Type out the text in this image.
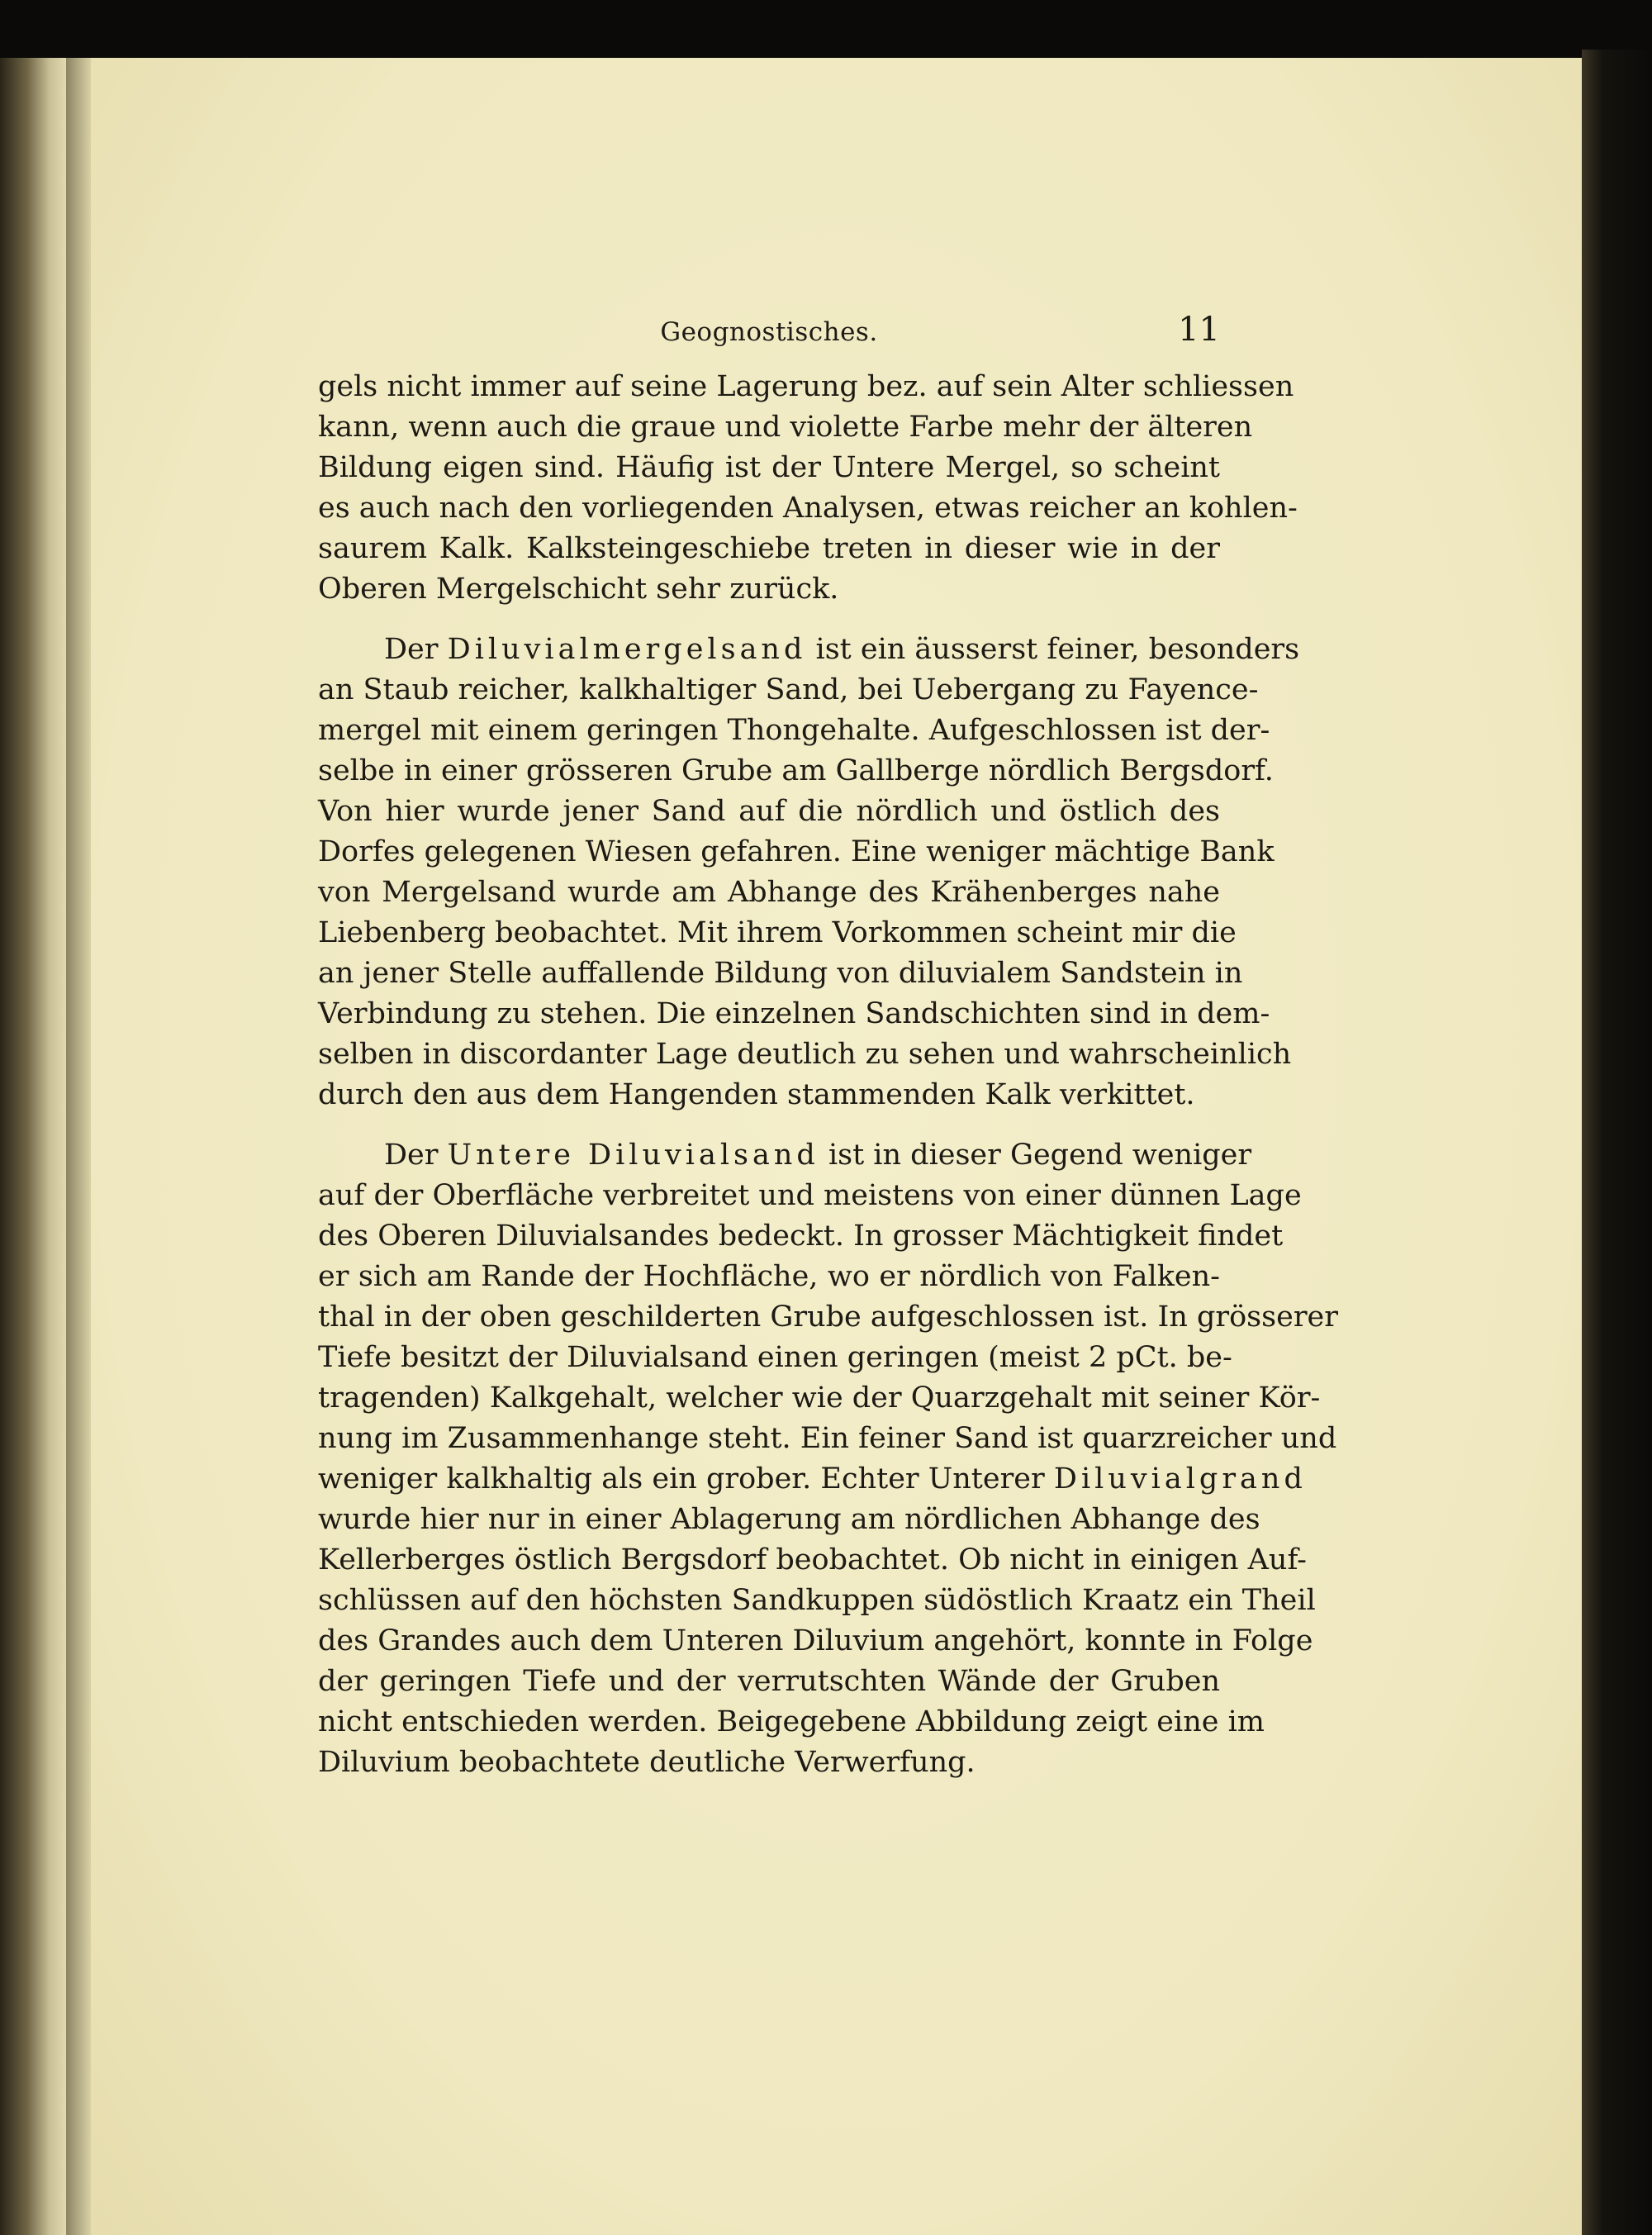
Geognostisches.	11

gels nicht immer auf seine Lagerung bez. auf sein Alter schliessen
kann, wenn auch die graue und violette Farbe mehr der älteren
Bildung eigen sind. Häufig ist der Untere Mergel, so scheint
es auch nach den vorliegenden Analysen, etwas reicher an kohlen-
saurem Kalk. Kalksteingeschiebe treten in dieser wie in der
Oberen Mergelschicht sehr zurück.

Der Diluvialmergelsand ist ein äusserst feiner, besonders
an Staub reicher, kalkhaltiger Sand, bei Uebergang zu Fayence-
mergel mit einem geringen Thongehalte. Aufgeschlossen ist der-
selbe in einer grösseren Grube am Gallberge nördlich Bergsdorf.
Von hier wurde jener Sand auf die nördlich und östlich des
Dorfes gelegenen Wiesen gefahren. Eine weniger mächtige Bank
von Mergelsand wurde am Abhange des Krähenberges nahe
Liebenberg beobachtet. Mit ihrem Vorkommen scheint mir die
an jener Stelle auffallende Bildung von diluvialem Sandstein in
Verbindung zu stehen. Die einzelnen Sandschichten sind in dem-
selben in discordanter Lage deutlich zu sehen und wahrscheinlich
durch den aus dem Hangenden stammenden Kalk verkittet.

Der Untere Diluvialsand ist in dieser Gegend weniger
auf der Oberfläche verbreitet und meistens von einer dünnen Lage
des Oberen Diluvialsandes bedeckt. In grosser Mächtigkeit findet
er sich am Rande der Hochfläche, wo er nördlich von Falken-
thal in der oben geschilderten Grube aufgeschlossen ist. In grösserer
Tiefe besitzt der Diluvialsand einen geringen (meist 2 pCt. be-
tragenden) Kalkgehalt, welcher wie der Quarzgehalt mit seiner Kör-
nung im Zusammenhange steht. Ein feiner Sand ist quarzreicher und
weniger kalkhaltig als ein grober. Echter Unterer Diluvialgrand
wurde hier nur in einer Ablagerung am nördlichen Abhange des
Kellerberges östlich Bergsdorf beobachtet. Ob nicht in einigen Auf-
schlüssen auf den höchsten Sandkuppen südöstlich Kraatz ein Theil
des Grandes auch dem Unteren Diluvium angehört, konnte in Folge
der geringen Tiefe und der verrutschten Wände der Gruben
nicht entschieden werden. Beigegebene Abbildung zeigt eine im
Diluvium beobachtete deutliche Verwerfung.
